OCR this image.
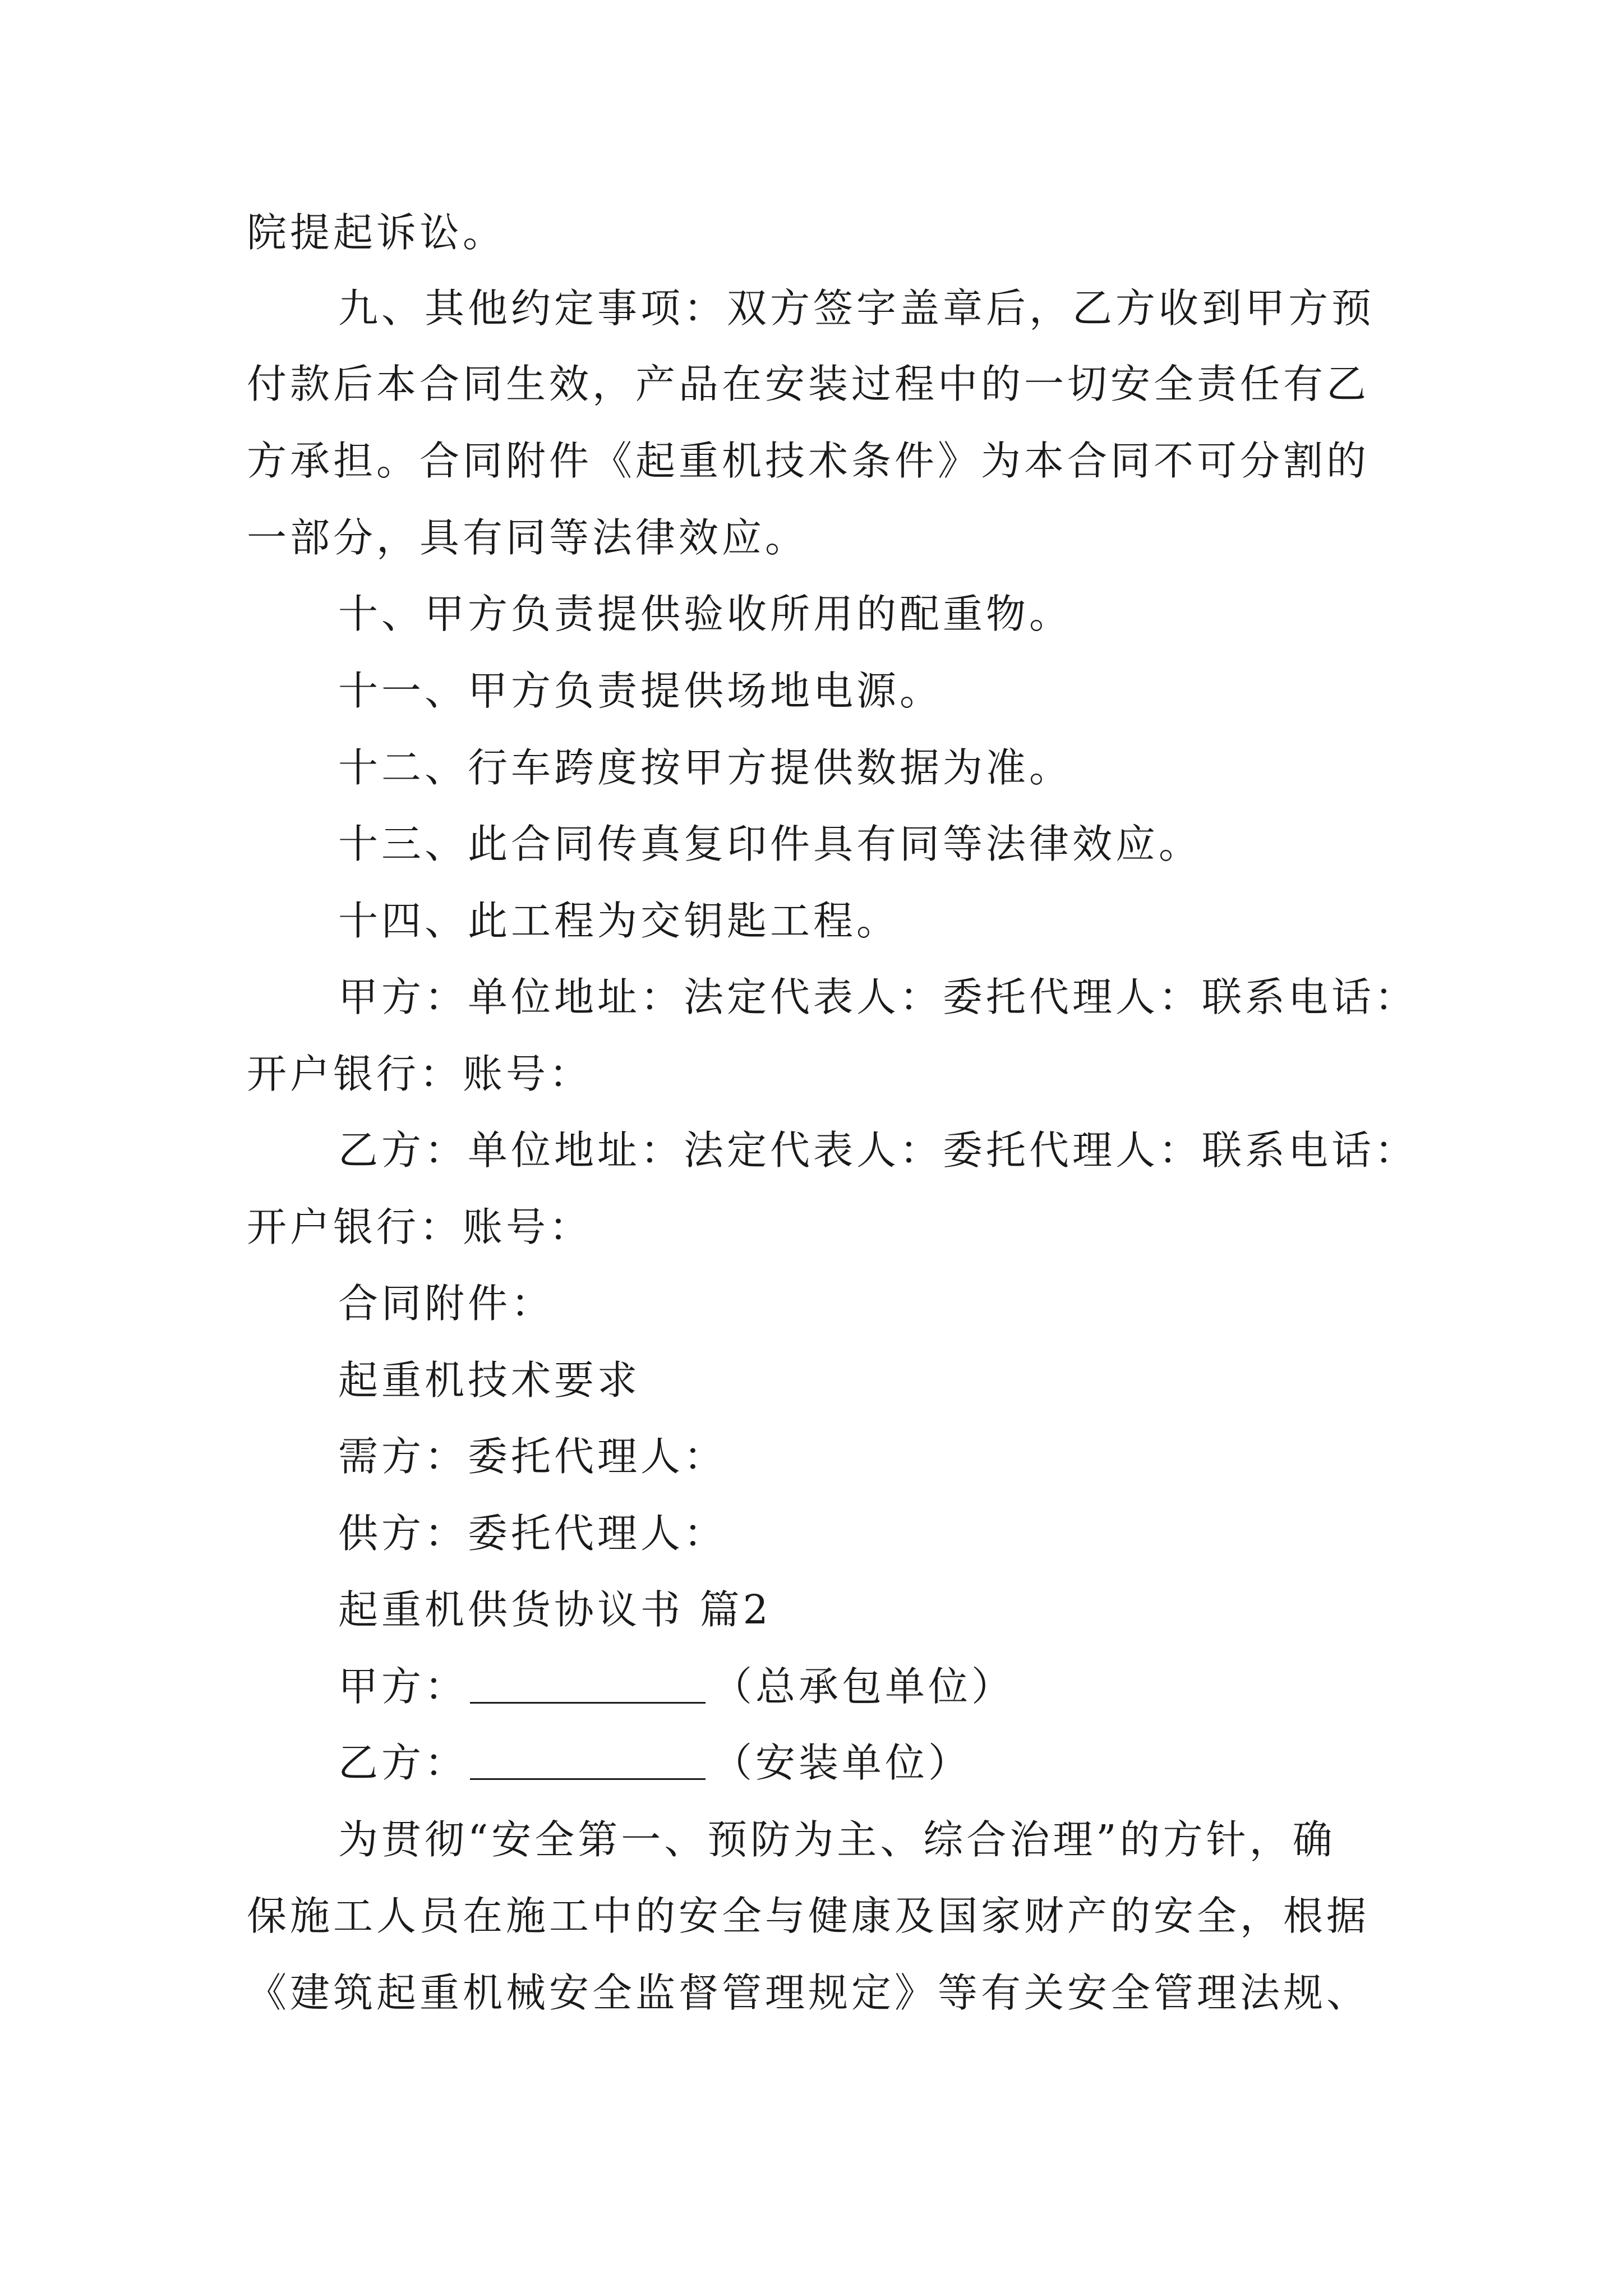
院提起诉讼。
九、其他约定事项：双方签字盖章后，乙方收到甲方预
付款后本合同生效，产品在安装过程中的一切安全责任有乙
方承担。合同附件《起重机技术条件》为本合同不可分割的
一部分，具有同等法律效应。
十、甲方负责提供验收所用的配重物。
十一、甲方负责提供场地电源。
十二、行车跨度按甲方提供数据为准。
十三、此合同传真复印件具有同等法律效应。
十四、此工程为交钥匙工程。
甲方：单位地址：法定代表人：委托代理人：联系电话：
开户银行：账号：
乙方：单位地址：法定代表人：委托代理人：联系电话：
开户银行：账号：
合同附件：
起重机技术要求
需方：委托代理人：
供方：委托代理人：
起重机供货协议书 篇2
甲方：	（总承包单位）
乙方：	（安装单位）
为贯彻“安全第一、预防为主、综合治理”的方针，确
保施工人员在施工中的安全与健康及国家财产的安全，根据
《建筑起重机械安全监督管理规定》等有关安全管理法规、
